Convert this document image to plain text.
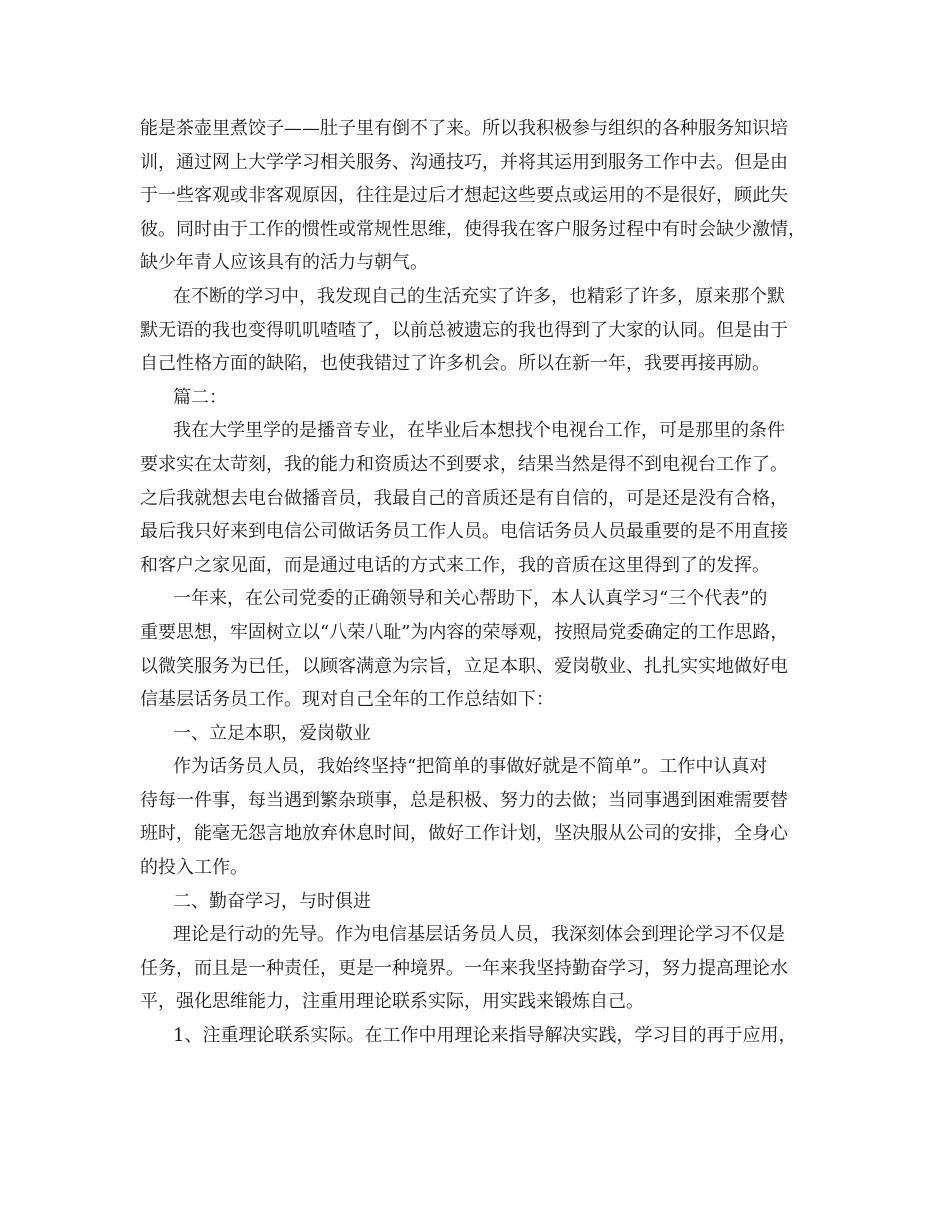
能是茶壶里煮饺子——肚子里有倒不了来。所以我积极参与组织的各种服务知识培
训，通过网上大学学习相关服务、沟通技巧，并将其运用到服务工作中去。但是由
于一些客观或非客观原因，往往是过后才想起这些要点或运用的不是很好，顾此失
彼。同时由于工作的惯性或常规性思维，使得我在客户服务过程中有时会缺少激情，
缺少年青人应该具有的活力与朝气。
在不断的学习中，我发现自己的生活充实了许多，也精彩了许多，原来那个默
默无语的我也变得叽叽喳喳了，以前总被遗忘的我也得到了大家的认同。但是由于
自己性格方面的缺陷，也使我错过了许多机会。所以在新一年，我要再接再励。
篇二：
我在大学里学的是播音专业，在毕业后本想找个电视台工作，可是那里的条件
要求实在太苛刻，我的能力和资质达不到要求，结果当然是得不到电视台工作了。
之后我就想去电台做播音员，我最自己的音质还是有自信的，可是还是没有合格，
最后我只好来到电信公司做话务员工作人员。电信话务员人员最重要的是不用直接
和客户之家见面，而是通过电话的方式来工作，我的音质在这里得到了的发挥。
一年来，在公司党委的正确领导和关心帮助下，本人认真学习“三个代表”的
重要思想，牢固树立以“八荣八耻”为内容的荣辱观，按照局党委确定的工作思路，
以微笑服务为已任，以顾客满意为宗旨，立足本职、爱岗敬业、扎扎实实地做好电
信基层话务员工作。现对自己全年的工作总结如下：
一、立足本职，爱岗敬业
作为话务员人员，我始终坚持“把简单的事做好就是不简单”。工作中认真对
待每一件事，每当遇到繁杂琐事，总是积极、努力的去做；当同事遇到困难需要替
班时，能毫无怨言地放弃休息时间，做好工作计划，坚决服从公司的安排，全身心
的投入工作。
二、勤奋学习，与时俱进
理论是行动的先导。作为电信基层话务员人员，我深刻体会到理论学习不仅是
任务，而且是一种责任，更是一种境界。一年来我坚持勤奋学习，努力提高理论水
平，强化思维能力，注重用理论联系实际，用实践来锻炼自己。
1、注重理论联系实际。在工作中用理论来指导解决实践，学习目的再于应用，
